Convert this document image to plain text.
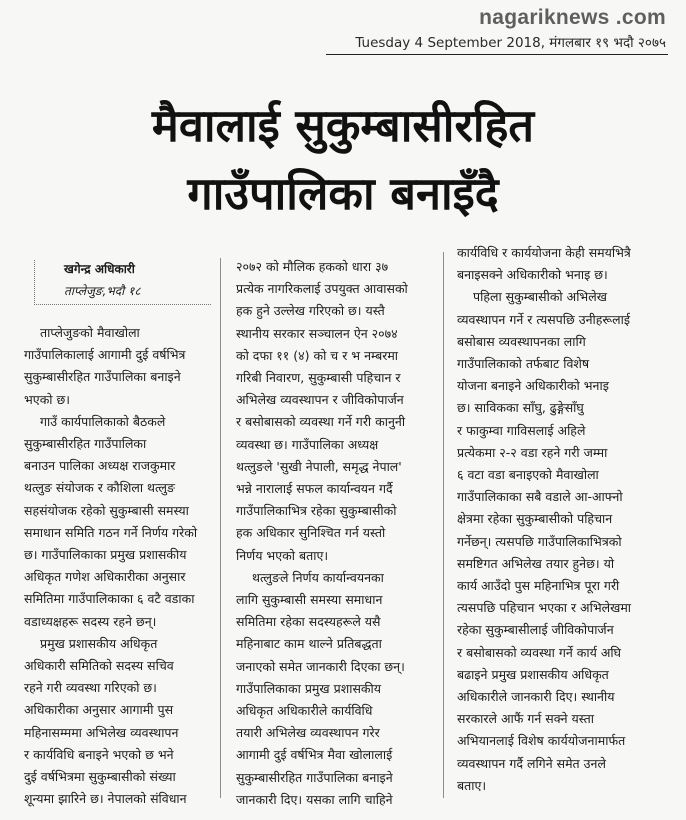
nagariknews .com
Tuesday 4 September 2018, मंगलबार १९ भदौ २०७५
मैवालाई सुकुम्बासीरहित
गाउँपालिका बनाइँदै
खगेन्द्र अधिकारी
ताप्लेजुङ,भदौ १८

ताप्लेजुङको मैवाखोला

गाउँपालिकालाई आगामी दुई वर्षभित्र

सुकुम्बासीरहित गाउँपालिका बनाइने

भएको छ।

गाउँ कार्यपालिकाको बैठकले

सुकुम्बासीरहित गाउँपालिका

बनाउन पालिका अध्यक्ष राजकुमार

थत्लुङ संयोजक र कौशिला थत्लुङ

सहसंयोजक रहेको सुकुम्बासी समस्या

समाधान समिति गठन गर्ने निर्णय गरेको

छ। गाउँपालिकाका प्रमुख प्रशासकीय

अधिकृत गणेश अधिकारीका अनुसार

समितिमा गाउँपालिकाका ६ वटै वडाका

वडाध्यक्षहरू सदस्य रहने छन्।

प्रमुख प्रशासकीय अधिकृत

अधिकारी समितिको सदस्य सचिव

रहने गरी व्यवस्था गरिएको छ।

अधिकारीका अनुसार आगामी पुस

महिनासम्ममा अभिलेख व्यवस्थापन

र कार्यविधि बनाइने भएको छ भने

दुई वर्षभित्रमा सुकुम्बासीको संख्या

शून्यमा झारिने छ। नेपालको संविधान

२०७२ को मौलिक हकको धारा ३७

प्रत्येक नागरिकलाई उपयुक्त आवासको

हक हुने उल्लेख गरिएको छ। यस्तै

स्थानीय सरकार सञ्चालन ऐन २०७४

को दफा ११ (४) को च र भ नम्बरमा

गरिबी निवारण, सुकुम्बासी पहिचान र

अभिलेख व्यवस्थापन र जीविकोपार्जन

र बसोबासको व्यवस्था गर्ने गरी कानुनी

व्यवस्था छ। गाउँपालिका अध्यक्ष

थत्लुङले 'सुखी नेपाली, समृद्ध नेपाल'

भन्ने नारालाई सफल कार्यान्वयन गर्दै

गाउँपालिकाभित्र रहेका सुकुम्बासीको

हक अधिकार सुनिश्चित गर्न यस्तो

निर्णय भएको बताए।

थत्लुङले निर्णय कार्यान्वयनका

लागि सुकुम्बासी समस्या समाधान

समितिमा रहेका सदस्यहरूले यसै

महिनाबाट काम थाल्ने प्रतिबद्धता

जनाएको समेत जानकारी दिएका छन्।

गाउँपालिकाका प्रमुख प्रशासकीय

अधिकृत अधिकारीले कार्यविधि

तयारी अभिलेख व्यवस्थापन गरेर

आगामी दुई वर्षभित्र मैवा खोलालाई

सुकुम्बासीरहित गाउँपालिका बनाइने

जानकारी दिए। यसका लागि चाहिने

कार्यविधि र कार्ययोजना केही समयभित्रै

बनाइसक्ने अधिकारीको भनाइ छ।

पहिला सुकुम्बासीको अभिलेख

व्यवस्थापन गर्ने र त्यसपछि उनीहरूलाई

बसोबास व्यवस्थापनका लागि

गाउँपालिकाको तर्फबाट विशेष

योजना बनाइने अधिकारीको भनाइ

छ। साविकका साँघु, ढुङ्गेसाँघु

र फाकुम्वा गाविसलाई अहिले

प्रत्येकमा २-२ वडा रहने गरी जम्मा

६ वटा वडा बनाइएको मैवाखोला

गाउँपालिकाका सबै वडाले आ-आफ्नो

क्षेत्रमा रहेका सुकुम्बासीको पहिचान

गर्नेछन्। त्यसपछि गाउँपालिकाभित्रको

समष्टिगत अभिलेख तयार हुनेछ। यो

कार्य आउँदो पुस महिनाभित्र पूरा गरी

त्यसपछि पहिचान भएका र अभिलेखमा

रहेका सुकुम्बासीलाई जीविकोपार्जन

र बसोबासको व्यवस्था गर्ने कार्य अघि

बढाइने प्रमुख प्रशासकीय अधिकृत

अधिकारीले जानकारी दिए। स्थानीय

सरकारले आफैं गर्न सक्ने यस्ता

अभियानलाई विशेष कार्ययोजनामार्फत

व्यवस्थापन गर्दै लगिने समेत उनले

बताए।
